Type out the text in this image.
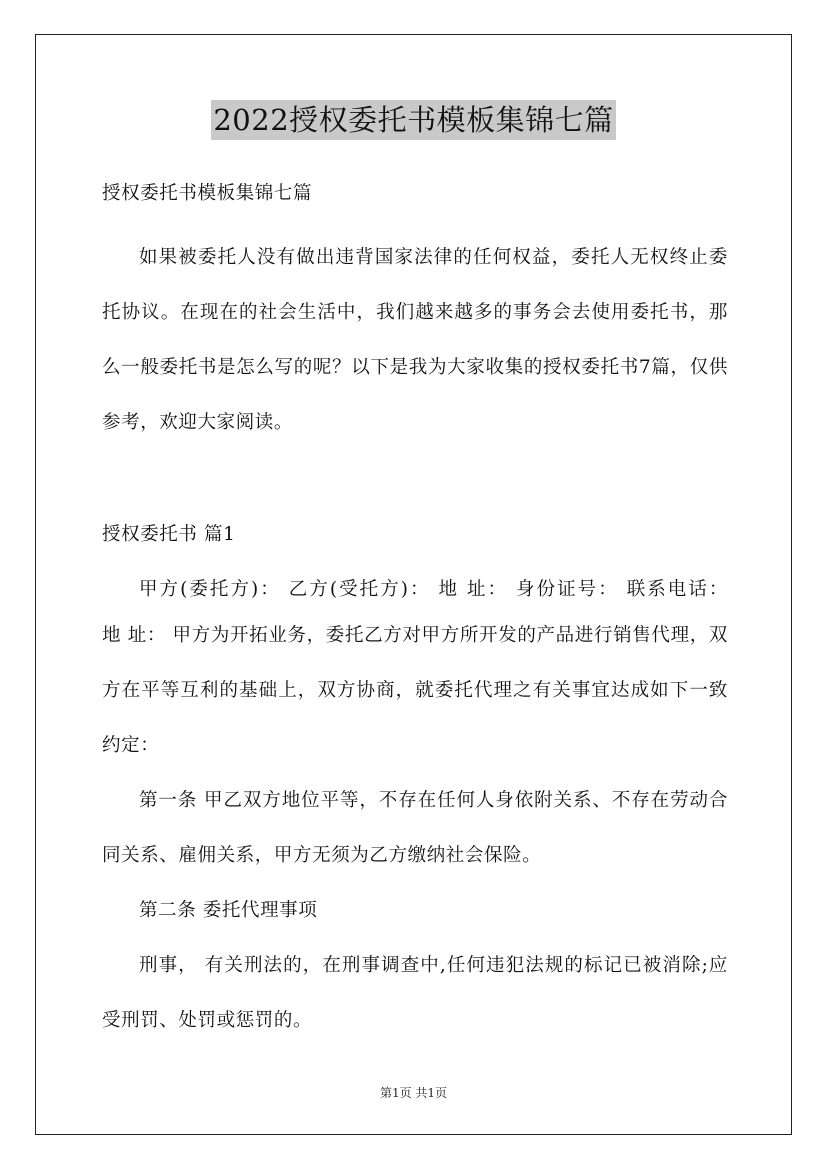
2022授权委托书模板集锦七篇

授权委托书模板集锦七篇

如果被委托人没有做出违背国家法律的任何权益，委托人无权终止委托协议。在现在的社会生活中，我们越来越多的事务会去使用委托书，那么一般委托书是怎么写的呢？以下是我为大家收集的授权委托书7篇，仅供参考，欢迎大家阅读。

授权委托书 篇1

甲方(委托方)： 乙方(受托方)： 地 址： 身份证号： 联系电话：

地 址： 甲方为开拓业务，委托乙方对甲方所开发的产品进行销售代理，双方在平等互利的基础上，双方协商，就委托代理之有关事宜达成如下一致约定：

第一条 甲乙双方地位平等，不存在任何人身依附关系、不存在劳动合同关系、雇佣关系，甲方无须为乙方缴纳社会保险。

第二条 委托代理事项

刑事， 有关刑法的，在刑事调查中,任何违犯法规的标记已被消除;应受刑罚、处罚或惩罚的。

第1页 共1页
